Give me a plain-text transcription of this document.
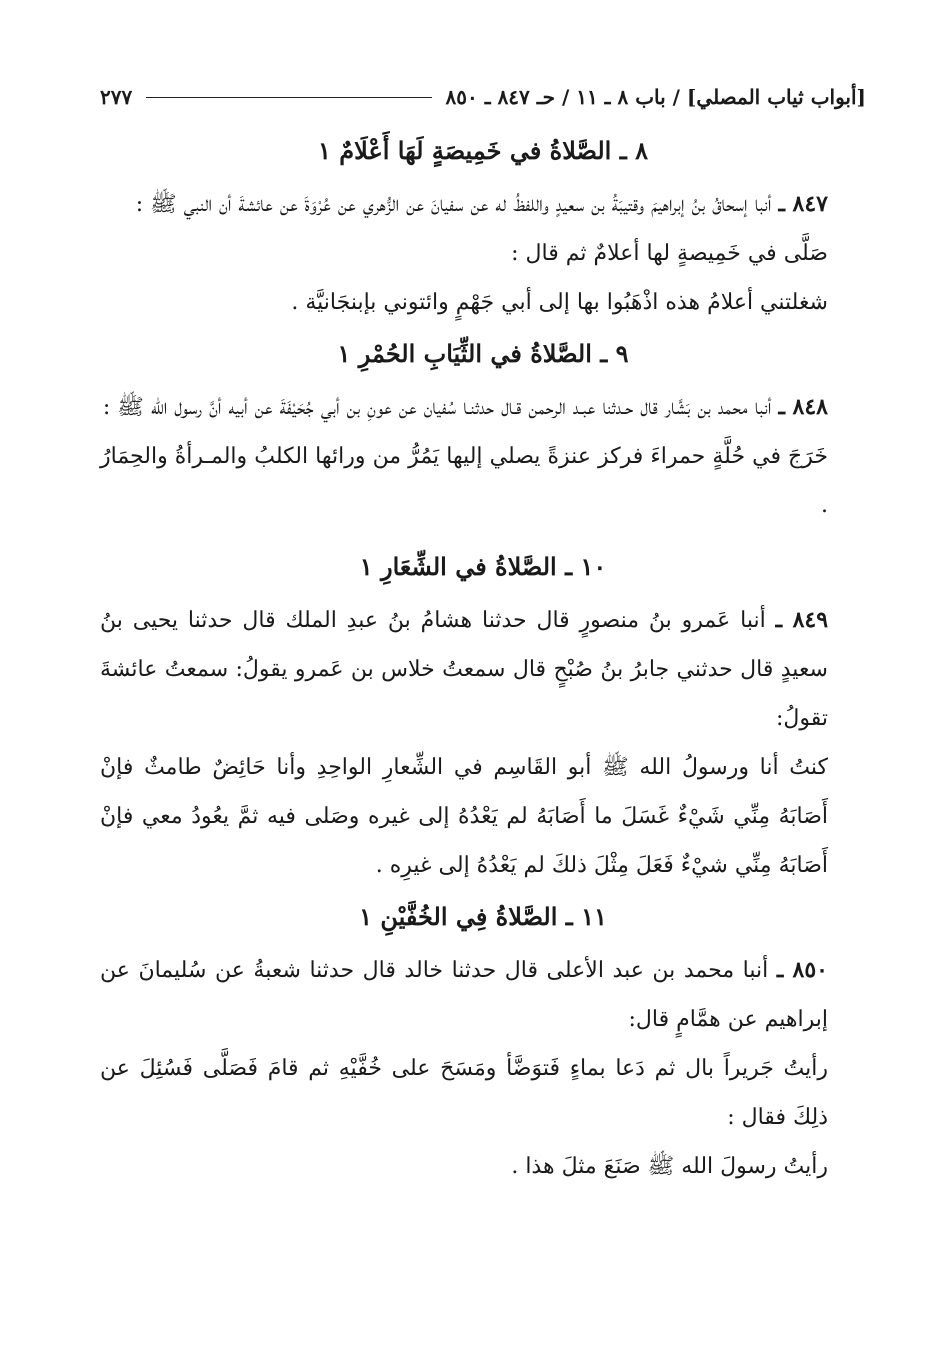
[أبواب ثياب المصلي] / باب ٨ ـ ١١ / حـ ٨٤٧ ـ ٨٥٠
٢٧٧
٨ ـ الصَّلاةُ في خَمِيصَةٍ لَهَا أَعْلَامٌ ١

٨٤٧ ـ أنبا إسحاقُ بنُ إبراهيمَ وقتيبَةُ بن سعيدٍ واللفظُ له عن سفيانَ عن الزُّهري عن عُرْوَةَ عن عائشةَ أن النبي ﷺ :

صَلَّى في خَمِيصةٍ لها أعلامٌ ثم قال :

شغلتني أعلامُ هذه اذْهَبُوا بها إلى أبي جَهْمٍ وائتوني بإبنجَانيَّة .

٩ ـ الصَّلاةُ في الثِّيَابِ الحُمْرِ ١

٨٤٨ ـ أنبا محمد بن بَشَّار قال حـدثنا عبـد الرحمن قـال حدثنـا سُفيان عن عونِ بن أبي جُحَيْفَةَ عن أبيه أنَّ رسول الله ﷺ :

خَرَجَ في حُلَّةٍ حمراءَ فركز عنزةً يصلي إليها يَمُرُّ من ورائها الكلبُ والمـرأةُ والحِمَارُ .

١٠ ـ الصَّلاةُ في الشِّعَارِ ١

٨٤٩ ـ أنبا عَمرو بنُ منصورٍ قال حدثنا هشامُ بنُ عبدِ الملك قال حدثنا يحيى بنُ سعيدٍ قال حدثني جابرُ بنُ صُبْحٍ قال سمعتُ خلاس بن عَمرو يقولُ: سمعتُ عائشةَ تقولُ:

كنتُ أنا ورسولُ الله ﷺ أبو القَاسِم في الشِّعارِ الواحِدِ وأنا حَائِضٌ طامثٌ فإنْ أَصَابَهُ مِنِّي شَيْءٌ غَسَلَ ما أَصَابَهُ لم يَعْدُهُ إلى غيره وصَلى فيه ثمَّ يعُودُ معي فإنْ أَصَابَهُ مِنِّي شيْءٌ فَعَلَ مِثْلَ ذلكَ لم يَعْدُهُ إلى غيرِه .

١١ ـ الصَّلاةُ فِي الخُفَّيْنِ ١

٨٥٠ ـ أنبا محمد بن عبد الأعلى قال حدثنا خالد قال حدثنا شعبةُ عن سُليمانَ عن إبراهيم عن همَّامٍ قال:

رأيتُ جَريراً بال ثم دَعا بماءٍ فَتوَضَّأ ومَسَحَ على خُفَّيْهِ ثم قامَ فَصَلَّى فَسُئِلَ عن ذلِكَ فقال :

رأيتُ رسولَ الله ﷺ صَنَعَ مثلَ هذا .
